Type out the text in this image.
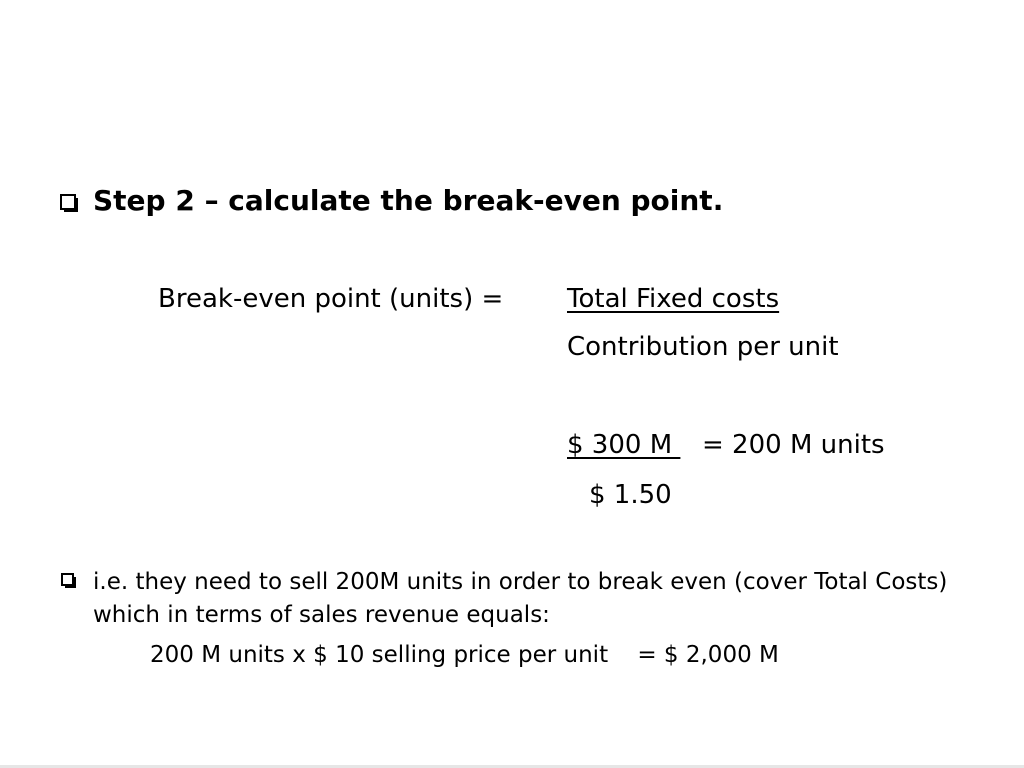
Step 2 – calculate the break-even point.
Break-even point (units) = Total Fixed costs
Contribution per unit
$ 300 M = 200 M units
$ 1.50
i.e. they need to sell 200M units in order to break even (cover Total Costs) which in terms of sales revenue equals:
200 M units x $ 10 selling price per unit    = $ 2,000 M
